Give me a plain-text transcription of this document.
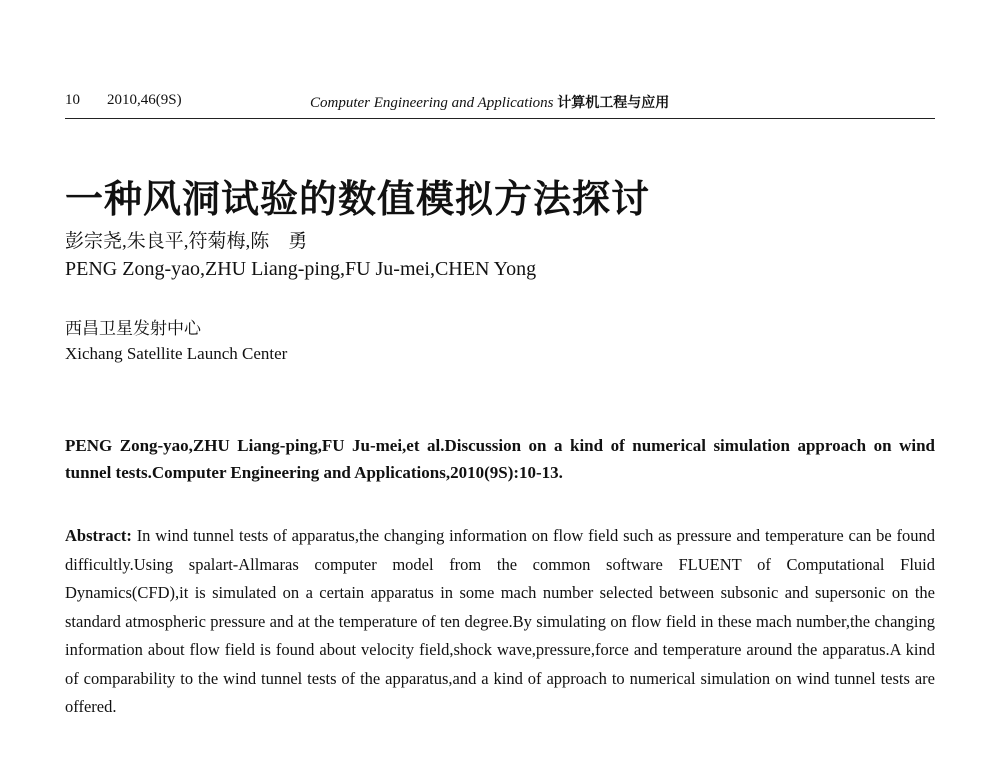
10 2010,46(9S)	Computer Engineering and Applications 计算机工程与应用
一种风洞试验的数值模拟方法探讨
彭宗尧,朱良平,符菊梅,陈　勇
PENG Zong-yao,ZHU Liang-ping,FU Ju-mei,CHEN Yong
西昌卫星发射中心
Xichang Satellite Launch Center
PENG Zong-yao,ZHU Liang-ping,FU Ju-mei,et al.Discussion on a kind of numerical simulation approach on wind tunnel tests.Computer Engineering and Applications,2010(9S):10-13.
Abstract: In wind tunnel tests of apparatus,the changing information on flow field such as pressure and temperature can be found difficultly.Using spalart-Allmaras computer model from the common software FLUENT of Computational Fluid Dynamics(CFD),it is simulated on a certain apparatus in some mach number selected between subsonic and supersonic on the standard atmospheric pressure and at the temperature of ten degree.By simulating on flow field in these mach number,the changing information about flow field is found about velocity field,shock wave,pressure,force and temperature around the apparatus.A kind of comparability to the wind tunnel tests of the apparatus,and a kind of approach to numerical simulation on wind tunnel tests are offered.
